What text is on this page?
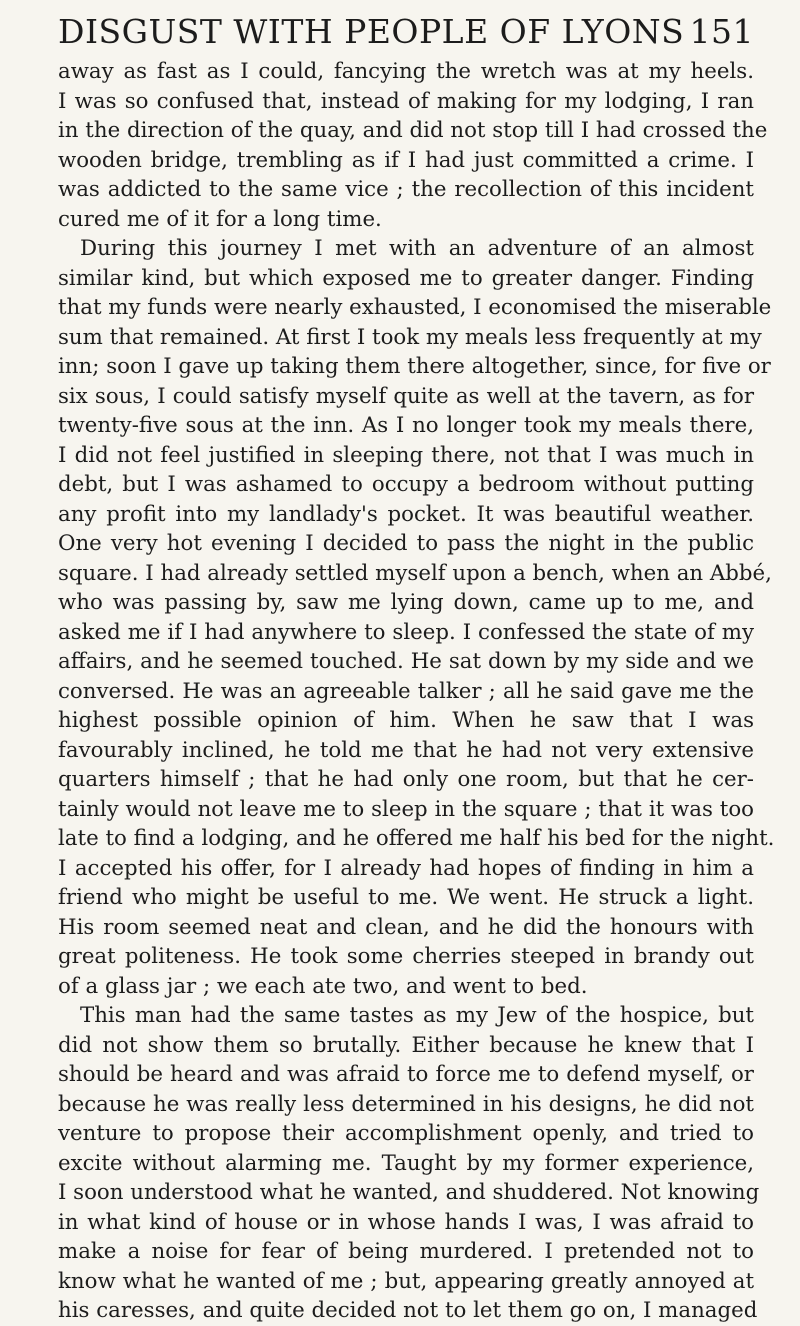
DISGUST WITH PEOPLE OF LYONS 151
away as fast as I could, fancying the wretch was at my heels.
I was so confused that, instead of making for my lodging, I ran
in the direction of the quay, and did not stop till I had crossed the
wooden bridge, trembling as if I had just committed a crime. I
was addicted to the same vice ; the recollection of this incident
cured me of it for a long time.
During this journey I met with an adventure of an almost
similar kind, but which exposed me to greater danger. Finding
that my funds were nearly exhausted, I economised the miserable
sum that remained. At first I took my meals less frequently at my
inn; soon I gave up taking them there altogether, since, for five or
six sous, I could satisfy myself quite as well at the tavern, as for
twenty-five sous at the inn. As I no longer took my meals there,
I did not feel justified in sleeping there, not that I was much in
debt, but I was ashamed to occupy a bedroom without putting
any profit into my landlady's pocket. It was beautiful weather.
One very hot evening I decided to pass the night in the public
square. I had already settled myself upon a bench, when an Abbé,
who was passing by, saw me lying down, came up to me, and
asked me if I had anywhere to sleep. I confessed the state of my
affairs, and he seemed touched. He sat down by my side and we
conversed. He was an agreeable talker ; all he said gave me the
highest possible opinion of him. When he saw that I was
favourably inclined, he told me that he had not very extensive
quarters himself ; that he had only one room, but that he cer-
tainly would not leave me to sleep in the square ; that it was too
late to find a lodging, and he offered me half his bed for the night.
I accepted his offer, for I already had hopes of finding in him a
friend who might be useful to me. We went. He struck a light.
His room seemed neat and clean, and he did the honours with
great politeness. He took some cherries steeped in brandy out
of a glass jar ; we each ate two, and went to bed.
This man had the same tastes as my Jew of the hospice, but
did not show them so brutally. Either because he knew that I
should be heard and was afraid to force me to defend myself, or
because he was really less determined in his designs, he did not
venture to propose their accomplishment openly, and tried to
excite without alarming me. Taught by my former experience,
I soon understood what he wanted, and shuddered. Not knowing
in what kind of house or in whose hands I was, I was afraid to
make a noise for fear of being murdered. I pretended not to
know what he wanted of me ; but, appearing greatly annoyed at
his caresses, and quite decided not to let them go on, I managed
